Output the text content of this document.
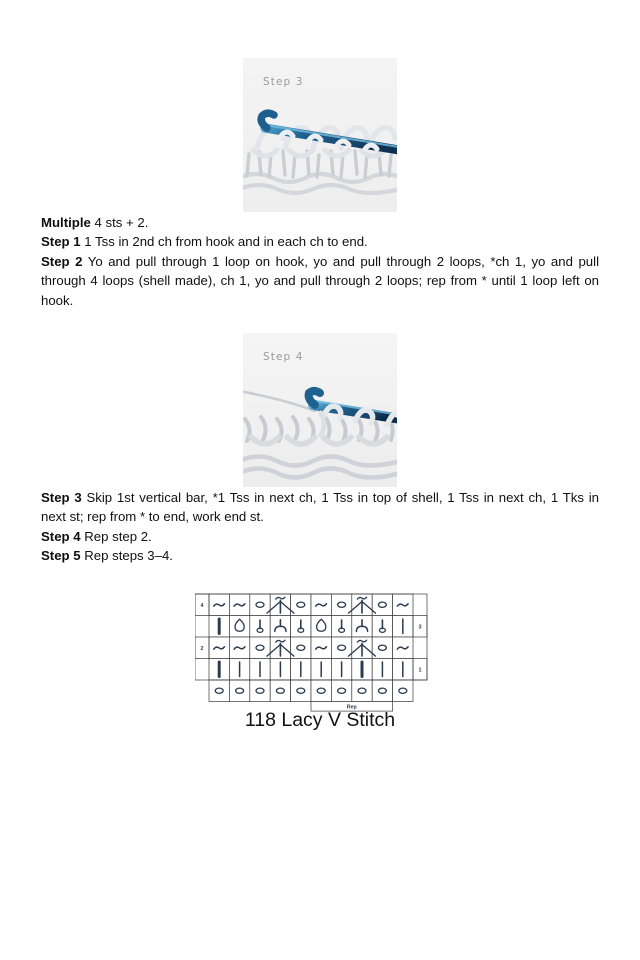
Step 3

Multiple 4 sts + 2.

Step 1 1 Tss in 2nd ch from hook and in each ch to end.

Step 2 Yo and pull through 1 loop on hook, yo and pull through 2 loops, *ch 1, yo and pull through 4 loops (shell made), ch 1, yo and pull through 2 loops; rep from * until 1 loop left on hook.

Step 4

Step 3 Skip 1st vertical bar, *1 Tss in next ch, 1 Tss in top of shell, 1 Tss in next ch, 1 Tks in next st; rep from * to end, work end st.

Step 4 Rep step 2.

Step 5 Rep steps 3–4.

4
3
2
1
Rep
118 Lacy V Stitch
